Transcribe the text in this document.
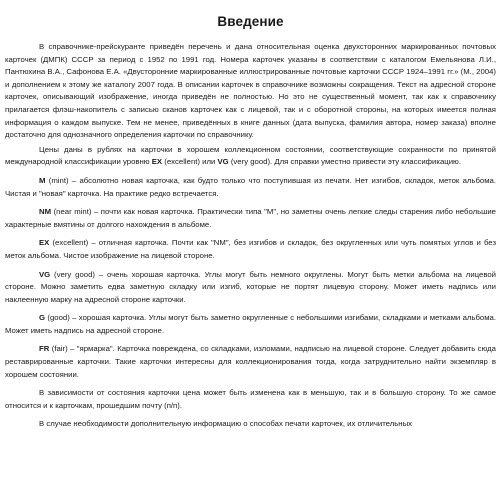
Введение

В справочнике-прейскуранте приведён перечень и дана относительная оценка двухсторонних маркированных почтовых карточек (ДМПК) СССР за период с 1952 по 1991 год. Номера карточек указаны в соответствии с каталогом Емельянова Л.И., Пантюхина В.А., Сафонова Е.А. «Двусторонние маркированные иллюстрированные почтовые карточки СССР 1924–1991 гг.» (М., 2004) и дополнением к этому же каталогу 2007 года. В описании карточек в справочнике возможны сокращения. Текст на адресной стороне карточек, описывающий изображение, иногда приведён не полностью. Но это не существенный момент, так как к справочнику прилагается флэш-накопитель с записью сканов карточек как с лицевой, так и с оборотной стороны, на которых имеется полная информация о каждом выпуске. Тем не менее, приведённых в книге данных (дата выпуска, фамилия автора, номер заказа) вполне достаточно для однозначного определения карточки по справочнику.

Цены даны в рублях на карточки в хорошем коллекционном состоянии, соответствующие сохранности по принятой международной классификации уровню EX (excellent) или VG (very good). Для справки уместно привести эту классификацию.

M (mint) – абсолютно новая карточка, как будто только что поступившая из печати. Нет изгибов, складок, меток альбома. Чистая и "новая" карточка. На практике редко встречается.

NM (near mint) – почти как новая карточка. Практически типа "M", но заметны очень легкие следы старения либо небольшие характерные вмятины от долгого нахождения в альбоме.

EX (excellent) – отличная карточка. Почти как "NM", без изгибов и складок, без округленных или чуть помятых углов и без меток альбома. Чистое изображение на лицевой стороне.

VG (very good) – очень хорошая карточка. Углы могут быть немного округлены. Могут быть метки альбома на лицевой стороне. Можно заметить едва заметную складку или изгиб, которые не портят лицевую сторону. Может иметь надпись или наклеенную марку на адресной стороне карточки.

G (good) – хорошая карточка. Углы могут быть заметно округленные с небольшими изгибами, складками и метками альбома. Может иметь надпись на адресной стороне.

FR (fair) – "ярмарка". Карточка повреждена, со складками, изломами, надписью на лицевой стороне. Следует добавить сюда реставрированные карточки. Такие карточки интересны для коллекционирования тогда, когда затруднительно найти экземпляр в хорошем состоянии.

В зависимости от состояния карточки цена может быть изменена как в меньшую, так и в большую сторону. То же самое относится и к карточкам, прошедшим почту (п/п).

В случае необходимости дополнительную информацию о способах печати карточек, их отличительных
